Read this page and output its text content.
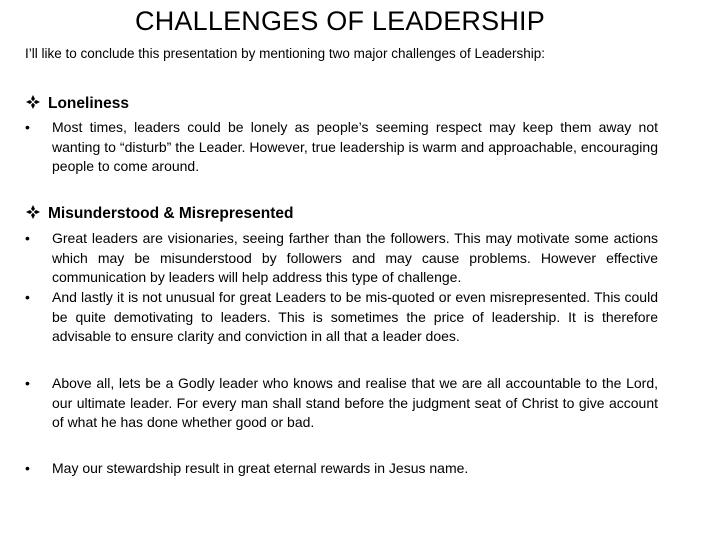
CHALLENGES OF LEADERSHIP
I’ll like to conclude this presentation by mentioning two major challenges of Leadership:
Loneliness
•	Most times, leaders could be lonely as people’s seeming respect may keep them away not wanting to “disturb” the Leader. However, true leadership is warm and approachable, encouraging people to come around.
Misunderstood & Misrepresented
•	Great leaders are visionaries, seeing farther than the followers. This may motivate some actions which may be misunderstood by followers and may cause problems. However effective communication by leaders will help address this type of challenge.
•	And lastly it is not unusual for great Leaders to be mis-quoted or even misrepresented. This could be quite demotivating to leaders. This is sometimes the price of leadership. It is therefore advisable to ensure clarity and conviction in all that a leader does.
•	Above all, lets be a Godly leader who knows and realise that we are all accountable to the Lord, our ultimate leader. For every man shall stand before the judgment seat of Christ to give account of what he has done whether good or bad.
•	May our stewardship result in great eternal rewards in Jesus name.
